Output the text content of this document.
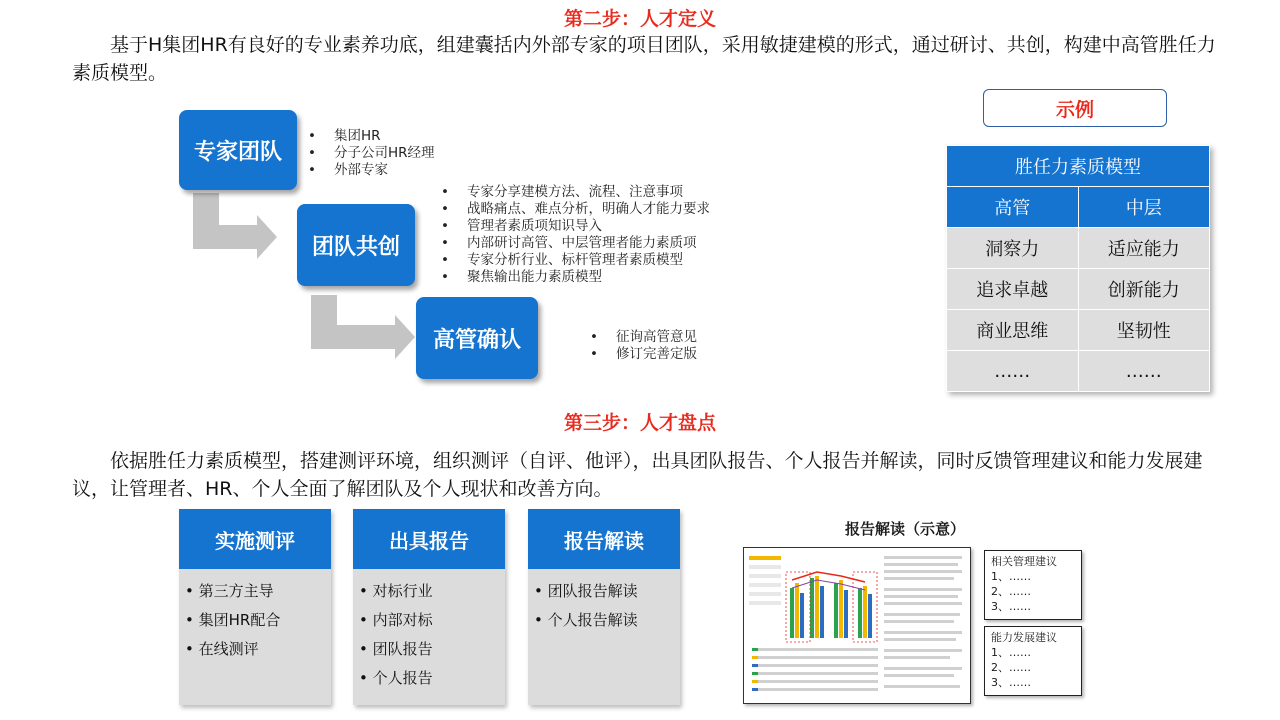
第二步：人才定义
基于H集团HR有良好的专业素养功底，组建囊括内外部专家的项目团队，采用敏捷建模的形式，通过研讨、共创，构建中高管胜任力素质模型。
专家团队
团队共创
高管确认
• 集团HR
• 分子公司HR经理
• 外部专家
• 专家分享建模方法、流程、注意事项
• 战略痛点、难点分析，明确人才能力要求
• 管理者素质项知识导入
• 内部研讨高管、中层管理者能力素质项
• 专家分析行业、标杆管理者素质模型
• 聚焦输出能力素质模型
• 征询高管意见
• 修订完善定版
示例
胜任力素质模型	
高管	中层
洞察力	适应能力
追求卓越	创新能力
商业思维	坚韧性
……	……
第三步：人才盘点
依据胜任力素质模型，搭建测评环境，组织测评（自评、他评），出具团队报告、个人报告并解读，同时反馈管理建议和能力发展建议，让管理者、HR、个人全面了解团队及个人现状和改善方向。
实施测评
• 第三方主导
• 集团HR配合
• 在线测评
出具报告
• 对标行业
• 内部对标
• 团队报告
• 个人报告
报告解读
• 团队报告解读
• 个人报告解读
报告解读（示意）
相关管理建议
1、……
2、……
3、……
能力发展建议
1、……
2、……
3、……
